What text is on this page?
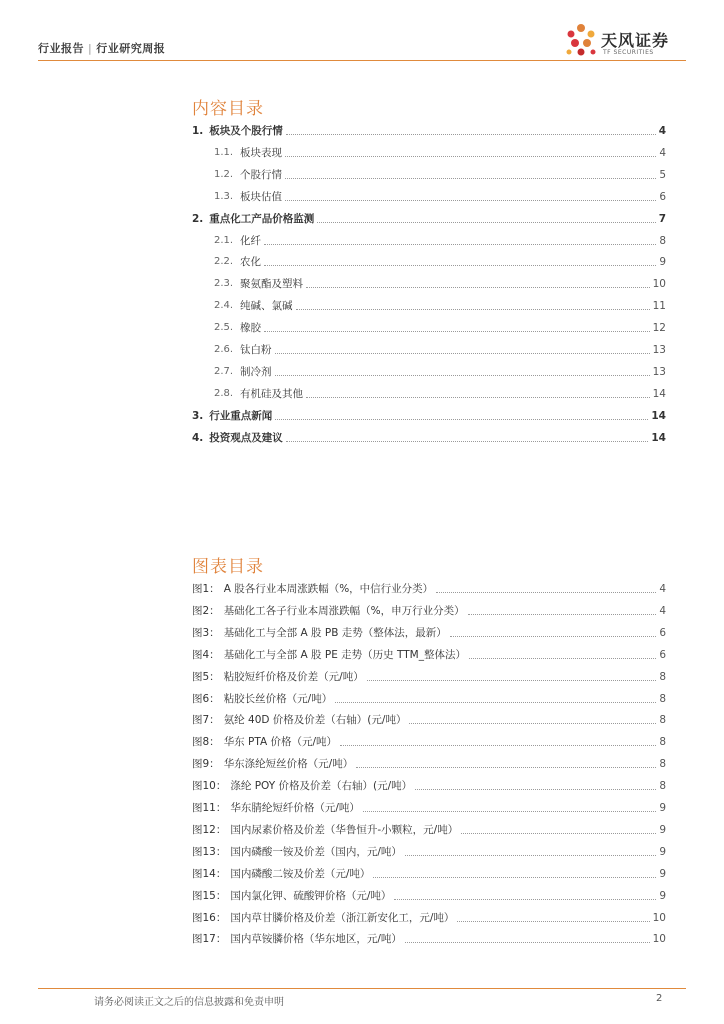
行业报告 | 行业研究周报	天风证券
TF SECURITIES
内容目录
1. 板块及个股行情	4
1.1. 板块表现	4
1.2. 个股行情	5
1.3. 板块估值	6
2. 重点化工产品价格监测	7
2.1. 化纤	8
2.2. 农化	9
2.3. 聚氨酯及塑料	10
2.4. 纯碱、氯碱	11
2.5. 橡胶	12
2.6. 钛白粉	13
2.7. 制冷剂	13
2.8. 有机硅及其他	14
3. 行业重点新闻	14
4. 投资观点及建议	14
图表目录
图1： A 股各行业本周涨跌幅（%，中信行业分类）	4
图2： 基础化工各子行业本周涨跌幅（%，申万行业分类）	4
图3： 基础化工与全部 A 股 PB 走势（整体法，最新）	6
图4： 基础化工与全部 A 股 PE 走势（历史 TTM_整体法）	6
图5： 粘胶短纤价格及价差（元/吨）	8
图6： 粘胶长丝价格（元/吨）	8
图7： 氨纶 40D 价格及价差（右轴）(元/吨）	8
图8： 华东 PTA 价格（元/吨）	8
图9： 华东涤纶短丝价格（元/吨）	8
图10： 涤纶 POY 价格及价差（右轴）(元/吨）	8
图11： 华东腈纶短纤价格（元/吨）	9
图12： 国内尿素价格及价差（华鲁恒升-小颗粒，元/吨）	9
图13： 国内磷酸一铵及价差（国内，元/吨）	9
图14： 国内磷酸二铵及价差（元/吨）	9
图15： 国内氯化钾、硫酸钾价格（元/吨）	9
图16： 国内草甘膦价格及价差（浙江新安化工，元/吨）	10
图17： 国内草铵膦价格（华东地区，元/吨）	10
请务必阅读正文之后的信息披露和免责申明	2
